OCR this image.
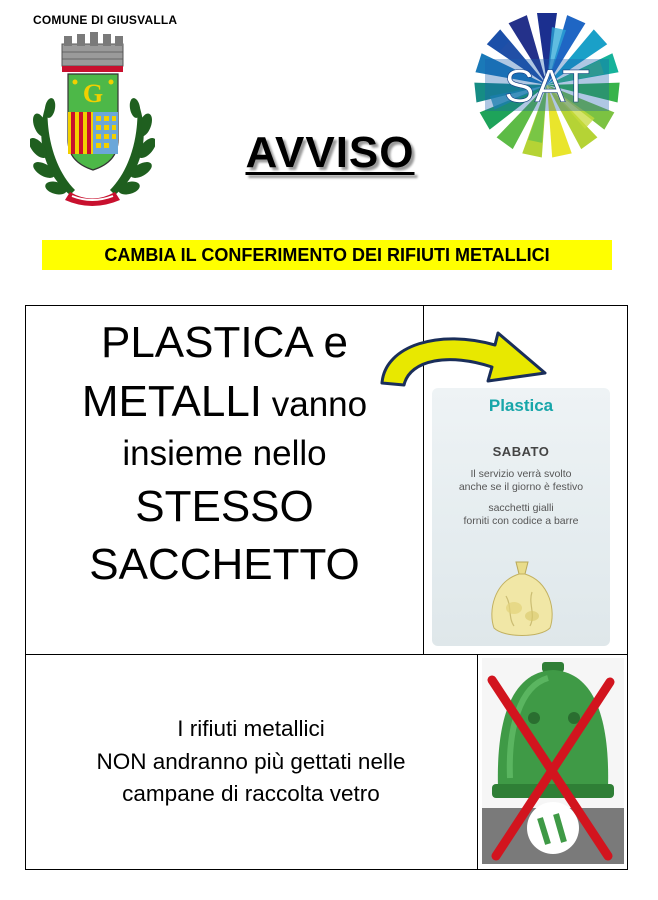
COMUNE DI GIUSVALLA
G	SAT
AVVISO
CAMBIA IL CONFERIMENTO DEI RIFIUTI METALLICI
PLASTICA e
METALLI vanno
insieme nello
STESSO
SACCHETTO
Plastica
SABATO
Il servizio verrà svolto
anche se il giorno è festivo
sacchetti gialli
forniti con codice a barre
I rifiuti metallici
NON andranno più gettati nelle
campane di raccolta vetro
